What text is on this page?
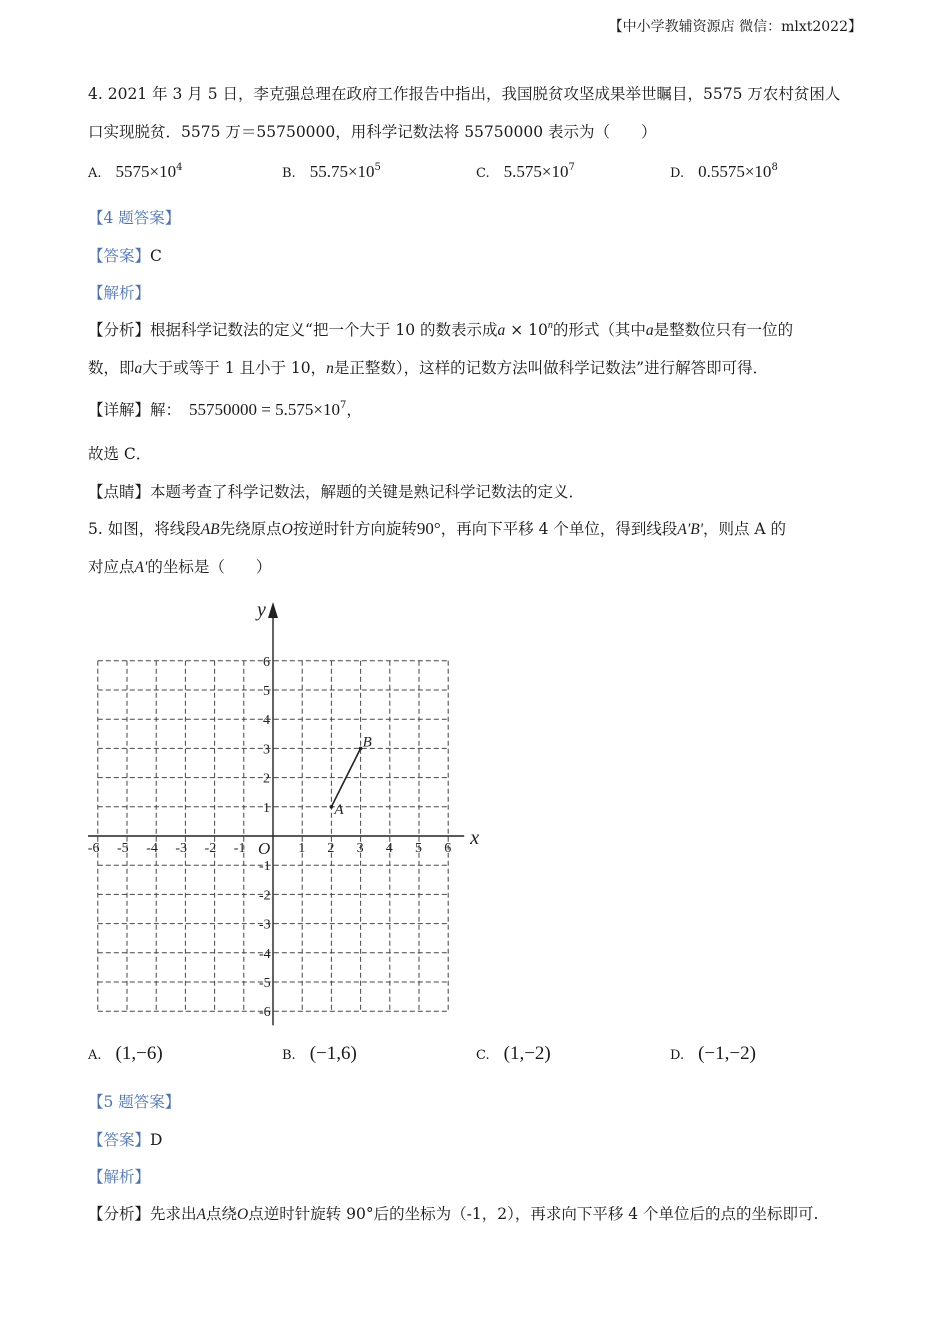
【中小学教辅资源店 微信：mlxt2022】
4. 2021 年 3 月 5 日，李克强总理在政府工作报告中指出，我国脱贫攻坚成果举世瞩目，5575 万农村贫困人
口实现脱贫．5575 万＝55750000，用科学记数法将 55750000 表示为（　　）
A. $5575\times 10^4$	B. $55.75\times 10^5$	C. $5.575\times 10^7$	D. $0.5575\times 10^8$
【4 题答案】
【答案】C
【解析】
【分析】根据科学记数法的定义“把一个大于 10 的数表示成$a \times 10^n$的形式（其中a是整数位只有一位的
数，即a大于或等于 1 且小于 10，n是正整数），这样的记数方法叫做科学记数法”进行解答即可得．
【详解】解： $55750000 = 5.575\times 10^7$，
故选 C．
【点睛】本题考查了科学记数法，解题的关键是熟记科学记数法的定义．
5. 如图，将线段AB先绕原点O按逆时针方向旋转90°，再向下平移 4 个单位，得到线段A'B'，则点 A 的
对应点A'的坐标是（　　）
x
y
O
-6 -5 -4 -3 -2 -1	1 2 3 4 5 6
6
5
4
3
2
1
-1
-2
-3
-4
-5
-6
A
B
A. (1,−6)	B. (−1,6)	C. (1,−2)	D. (−1,−2)
【5 题答案】
【答案】D
【解析】
【分析】先求出A点绕O点逆时针旋转 90°后的坐标为（-1，2），再求向下平移 4 个单位后的点的坐标即可.
